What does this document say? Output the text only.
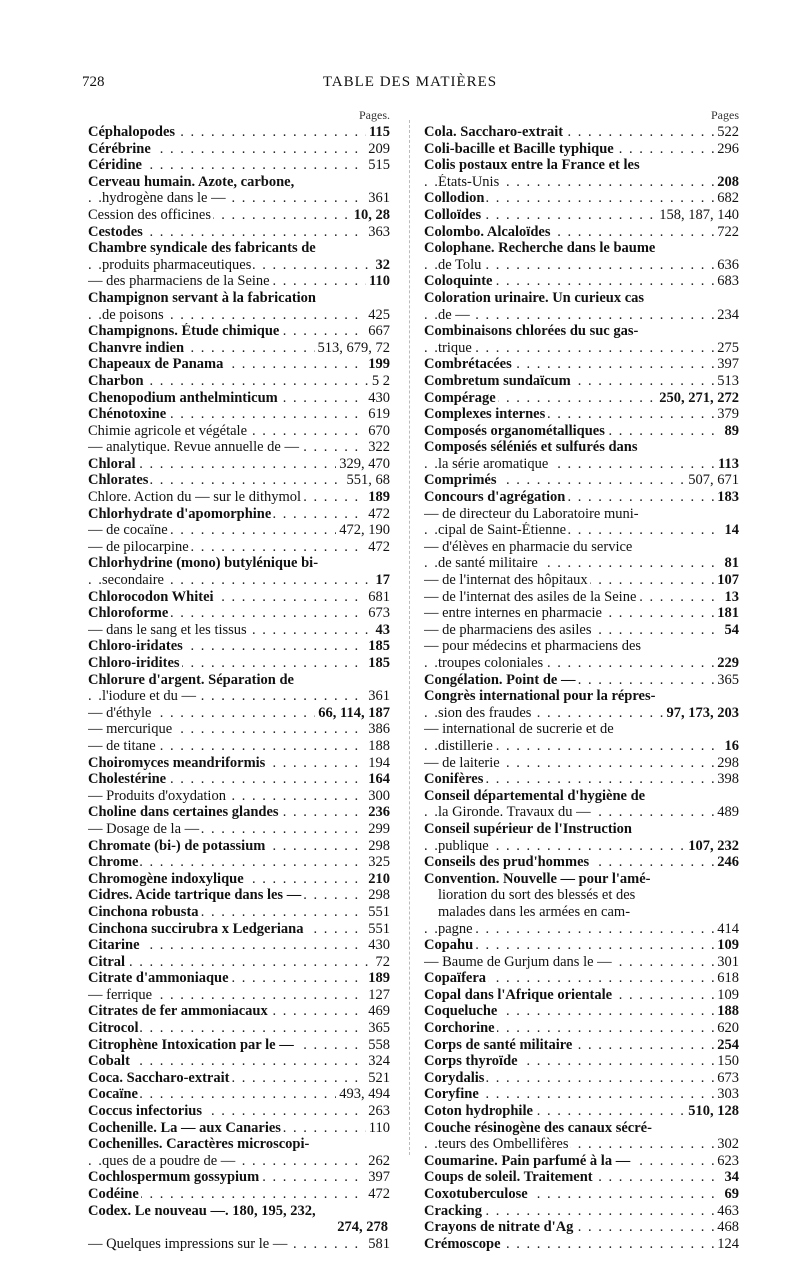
728	TABLE DES MATIÈRES
Pages.
Céphalopodes	115
. . .
Cérébrine	209
. . .
Céridine	515
. . .
Cerveau humain. Azote, carbone,
hydrogène dans le —	361
. . .
Cession des officines	10, 28
. . .
Cestodes	363
. . .
Chambre syndicale des fabricants de
produits pharmaceutiques	32
. . .
— des pharmaciens de la Seine	110
. . .
Champignon servant à la fabrication
de poisons	425
. . .
Champignons. Étude chimique	667
. . .
Chanvre indien	513, 679, 72
. . .
Chapeaux de Panama	199
. . .
Charbon	5 2
. . .
Chenopodium anthelminticum	430
. . .
Chénotoxine	619
. . .
Chimie agricole et végétale	670
. . .
— analytique. Revue annuelle de —	322
. . .
Chloral	329, 470
. . .
Chlorates	551, 68
. . .
Chlore. Action du — sur le dithymol	189
. . .
Chlorhydrate d'apomorphine	472
. . .
— de cocaïne	472, 190
. . .
— de pilocarpine	472
. . .
Chlorhydrine (mono) butylénique bi-
secondaire	17
. . .
Chlorocodon Whitei	681
. . .
Chloroforme	673
. . .
— dans le sang et les tissus	43
. . .
Chloro-iridates	185
. . .
Chloro-iridites	185
. . .
Chlorure d'argent. Séparation de
l'iodure et du —	361
. . .
— d'éthyle	66, 114, 187
. . .
— mercurique	386
. . .
— de titane	188
. . .
Choiromyces meandriformis	194
. . .
Cholestérine	164
. . .
— Produits d'oxydation	300
. . .
Choline dans certaines glandes	236
. . .
— Dosage de la —	299
. . .
Chromate (bi-) de potassium	298
. . .
Chrome	325
. . .
Chromogène indoxylique	210
. . .
Cidres. Acide tartrique dans les —	298
. . .
Cinchona robusta	551
. . .
Cinchona succirubra x Ledgeriana	551
. . .
Citarine	430
. . .
Citral	72
. . .
Citrate d'ammoniaque	189
. . .
— ferrique	127
. . .
Citrates de fer ammoniacaux	469
. . .
Citrocol	365
. . .
Citrophène Intoxication par le —	558
. . .
Cobalt	324
. . .
Coca. Saccharo-extrait	521
. . .
Cocaïne	493, 494
. . .
Coccus infectorius	263
. . .
Cochenille. La — aux Canaries	110
. . .
Cochenilles. Caractères microscopi-
ques de a poudre de —	262
. . .
Cochlospermum gossypium	397
. . .
Codéine	472
. . .
Codex. Le nouveau —. 180, 195, 232,
274, 278
— Quelques impressions sur le —	581
. . .
Pages
Cola. Saccharo-extrait	522
. . .
Coli-bacille et Bacille typhique	296
. . .
Colis postaux entre la France et les
États-Unis	208
. . .
Collodion	682
. . .
Colloïdes	158, 187, 140
. . .
Colombo. Alcaloïdes	722
. . .
Colophane. Recherche dans le baume
de Tolu	636
. . .
Coloquinte	683
. . .
Coloration urinaire. Un curieux cas
de —	234
. . .
Combinaisons chlorées du suc gas-
trique	275
. . .
Combrétacées	397
. . .
Combretum sundaïcum	513
. . .
Compérage	250, 271, 272
. . .
Complexes internes	379
. . .
Composés organométalliques	89
. . .
Composés séléniés et sulfurés dans
la série aromatique	113
. . .
Comprimés	507, 671
. . .
Concours d'agrégation	183
. . .
— de directeur du Laboratoire muni-
cipal de Saint-Étienne	14
. . .
— d'élèves en pharmacie du service
de santé militaire	81
. . .
— de l'internat des hôpitaux	107
. . .
— de l'internat des asiles de la Seine	13
. . .
— entre internes en pharmacie	181
. . .
— de pharmaciens des asiles	54
. . .
— pour médecins et pharmaciens des
troupes coloniales	229
. . .
Congélation. Point de —	365
. . .
Congrès international pour la répres-
sion des fraudes	97, 173, 203
. . .
— international de sucrerie et de
distillerie	16
. . .
— de laiterie	298
. . .
Conifères	398
. . .
Conseil départemental d'hygiène de
la Gironde. Travaux du —	489
. . .
Conseil supérieur de l'Instruction
publique	107, 232
. . .
Conseils des prud'hommes	246
. . .
Convention. Nouvelle — pour l'amé-
lioration du sort des blessés et des
malades dans les armées en cam-
pagne	414
. . .
Copahu	109
. . .
— Baume de Gurjum dans le —	301
. . .
Copaïfera	618
. . .
Copal dans l'Afrique orientale	109
. . .
Coqueluche	188
. . .
Corchorine	620
. . .
Corps de santé militaire	254
. . .
Corps thyroïde	150
. . .
Corydalis	673
. . .
Coryfine	303
. . .
Coton hydrophile	510, 128
. . .
Couche résinogène des canaux sécré-
teurs des Ombellifères	302
. . .
Coumarine. Pain parfumé à la —	623
. . .
Coups de soleil. Traitement	34
. . .
Coxotuberculose	69
. . .
Cracking	463
. . .
Crayons de nitrate d'Ag	468
. . .
Crémoscope	124
. . .
